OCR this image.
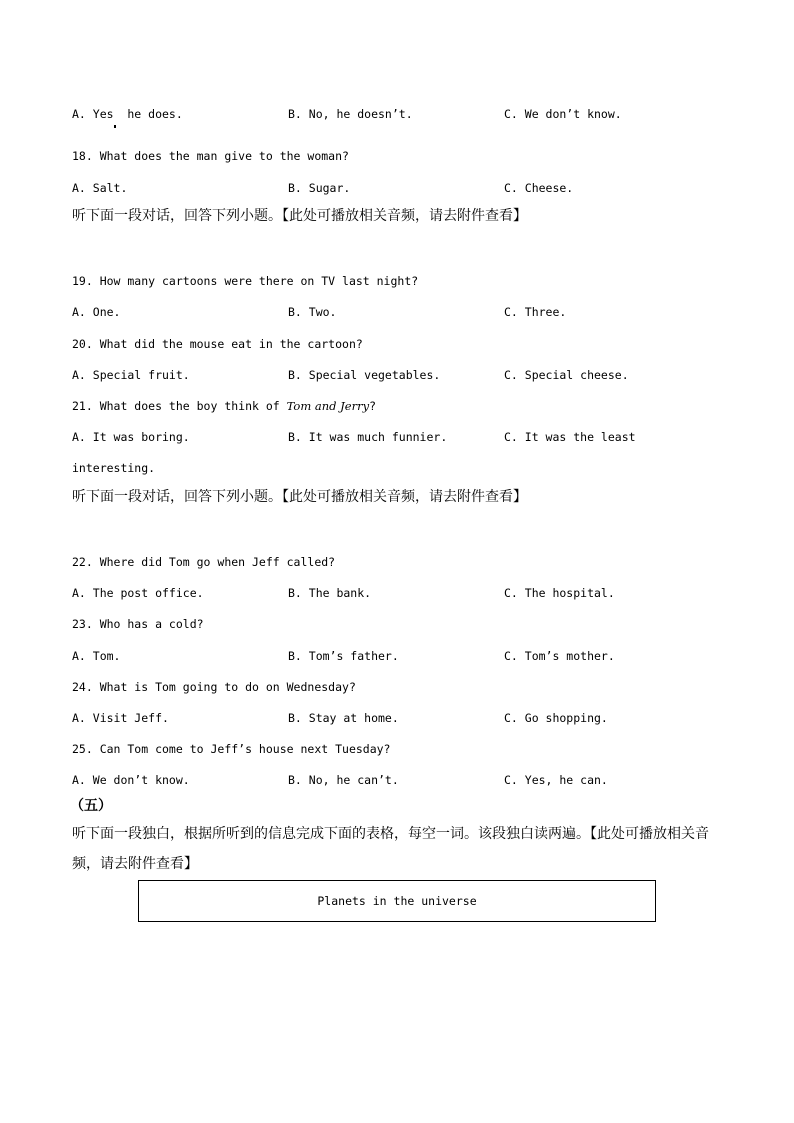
A. Yes  he does.	B. No, he doesn’t.	C. We don’t know.
18. What does the man give to the woman?
A. Salt.	B. Sugar.	C. Cheese.
听下面一段对话，回答下列小题。【此处可播放相关音频，请去附件查看】
19. How many cartoons were there on TV last night?
A. One.	B. Two.	C. Three.
20. What did the mouse eat in the cartoon?
A. Special fruit.	B. Special vegetables.	C. Special cheese.
21. What does the boy think of Tom and Jerry?
A. It was boring.	B. It was much funnier.	C. It was the least
interesting.
听下面一段对话，回答下列小题。【此处可播放相关音频，请去附件查看】
22. Where did Tom go when Jeff called?
A. The post office.	B. The bank.	C. The hospital.
23. Who has a cold?
A. Tom.	B. Tom’s father.	C. Tom’s mother.
24. What is Tom going to do on Wednesday?
A. Visit Jeff.	B. Stay at home.	C. Go shopping.
25. Can Tom come to Jeff’s house next Tuesday?
A. We don’t know.	B. No, he can’t.	C. Yes, he can.
（五）
听下面一段独白，根据所听到的信息完成下面的表格，每空一词。该段独白读两遍。【此处可播放相关音频，请去附件查看】
Planets in the universe
